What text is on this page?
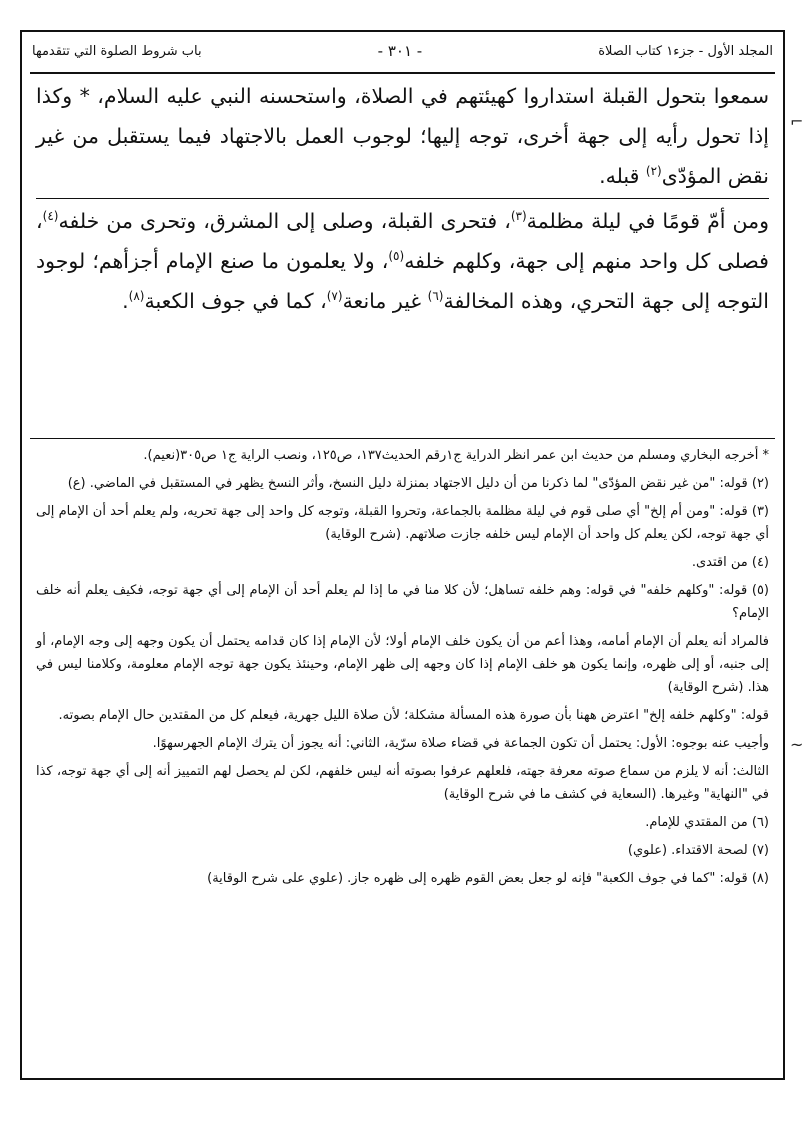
المجلد الأول - جزء١ كتاب الصلاة
- ٣٠١ -
باب شروط الصلوة التي تتقدمها

سمعوا بتحول القبلة استداروا كهيئتهم في الصلاة، واستحسنه النبي عليه السلام، * وكذا إذا تحول رأيه إلى جهة أخرى، توجه إليها؛ لوجوب العمل بالاجتهاد فيما يستقبل من غير نقض المؤدّى$^{(٢)}$ قبله.

ومن أمّ قومًا في ليلة مظلمة$^{(٣)}$، فتحرى القبلة، وصلى إلى المشرق، وتحرى من خلفه$^{(٤)}$، فصلى كل واحد منهم إلى جهة، وكلهم خلفه$^{(٥)}$، ولا يعلمون ما صنع الإمام أجزأهم؛ لوجود التوجه إلى جهة التحري، وهذه المخالفة$^{(٦)}$ غير مانعة$^{(٧)}$، كما في جوف الكعبة$^{(٨)}$.

* أخرجه البخاري ومسلم من حديث ابن عمر انظر الدراية ج١رقم الحديث١٣٧، ص١٢٥، ونصب الراية ج١ ص٣٠٥(نعيم).

(٢) قوله: "من غير نقض المؤدّى" لما ذكرنا من أن دليل الاجتهاد بمنزلة دليل النسخ، وأثر النسخ يظهر في المستقبل في الماضي. (ع)

(٣) قوله: "ومن أم إلخ" أي صلى قوم في ليلة مظلمة بالجماعة، وتحروا القبلة، وتوجه كل واحد إلى جهة تحريه، ولم يعلم أحد أن الإمام إلى أي جهة توجه، لكن يعلم كل واحد أن الإمام ليس خلفه جازت صلاتهم. (شرح الوقاية)

(٤) من اقتدى.

(٥) قوله: "وكلهم خلفه" في قوله: وهم خلفه تساهل؛ لأن كلا منا في ما إذا لم يعلم أحد أن الإمام إلى أي جهة توجه، فكيف يعلم أنه خلف الإمام؟

فالمراد أنه يعلم أن الإمام أمامه، وهذا أعم من أن يكون خلف الإمام أولا؛ لأن الإمام إذا كان قدامه يحتمل أن يكون وجهه إلى وجه الإمام، أو إلى جنبه، أو إلى ظهره، وإنما يكون هو خلف الإمام إذا كان وجهه إلى ظهر الإمام، وحينئذ يكون جهة توجه الإمام معلومة، وكلامنا ليس في هذا. (شرح الوقاية)

قوله: "وكلهم خلفه إلخ" اعترض ههنا بأن صورة هذه المسألة مشكلة؛ لأن صلاة الليل جهرية، فيعلم كل من المقتدين حال الإمام بصوته.

وأجيب عنه بوجوه: الأول: يحتمل أن تكون الجماعة في قضاء صلاة سرّية، الثاني: أنه يجوز أن يترك الإمام الجهرسهوًا.

الثالث: أنه لا يلزم من سماع صوته معرفة جهته، فلعلهم عرفوا بصوته أنه ليس خلفهم، لكن لم يحصل لهم التمييز أنه إلى أي جهة توجه، كذا في "النهاية" وغيرها. (السعاية في كشف ما في شرح الوقاية)

(٦) من المقتدي للإمام.

(٧) لصحة الاقتداء. (علوي)

(٨) قوله: "كما في جوف الكعبة" فإنه لو جعل بعض القوم ظهره إلى ظهره جاز. (علوي على شرح الوقاية)

⌐
~
